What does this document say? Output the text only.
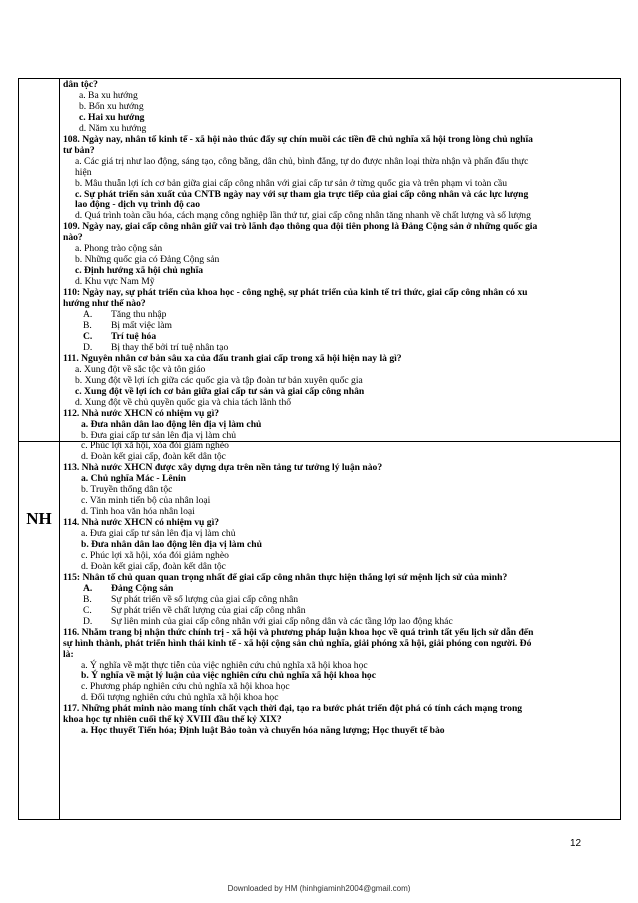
NH
dân tộc?
a. Ba xu hướng
b. Bốn xu hướng
c. Hai xu hướng
d. Năm xu hướng
108. Ngày nay, nhân tố kinh tế - xã hội nào thúc đẩy sự chín muồi các tiền đề chủ nghĩa xã hội trong lòng chủ nghĩa
tư bản?
a. Các giá trị như lao động, sáng tạo, công bằng, dân chủ, bình đẳng, tự do được nhân loại thừa nhận và phấn đấu thực
hiện
b. Mâu thuẫn lợi ích cơ bản giữa giai cấp công nhân với giai cấp tư sản ở từng quốc gia và trên phạm vi toàn cầu
c. Sự phát triển sản xuất của CNTB ngày nay với sự tham gia trực tiếp của giai cấp công nhân và các lực lượng
lao động - dịch vụ trình độ cao
d. Quá trình toàn cầu hóa, cách mạng công nghiệp lần thứ tư, giai cấp công nhân tăng nhanh về chất lượng và số lượng
109. Ngày nay, giai cấp công nhân giữ vai trò lãnh đạo thông qua đội tiên phong là Đảng Cộng sản ở những quốc gia
nào?
a. Phong trào cộng sản
b. Những quốc gia có Đảng Cộng sản
c. Định hướng xã hội chủ nghĩa
d. Khu vực Nam Mỹ
110: Ngày nay, sự phát triển của khoa học - công nghệ, sự phát triển của kinh tế tri thức, giai cấp công nhân có xu
hướng như thế nào?
A. Tăng thu nhập
B. Bị mất việc làm
C. Trí tuệ hóa
D. Bị thay thế bởi trí tuệ nhân tạo
111. Nguyên nhân cơ bản sâu xa của đấu tranh giai cấp trong xã hội hiện nay là gì?
a. Xung đột về sắc tộc và tôn giáo
b. Xung đột về lợi ích giữa các quốc gia và tập đoàn tư bản xuyên quốc gia
c. Xung đột về lợi ích cơ bản giữa giai cấp tư sản và giai cấp công nhân
d. Xung đột về chủ quyền quốc gia và chia tách lãnh thổ
112. Nhà nước XHCN có nhiệm vụ gì?
a. Đưa nhân dân lao động lên địa vị làm chủ
b. Đưa giai cấp tư sản lên địa vị làm chủ
c. Phúc lợi xã hội, xóa đói giảm nghèo
d. Đoàn kết giai cấp, đoàn kết dân tộc
113. Nhà nước XHCN được xây dựng dựa trên nền tảng tư tưởng lý luận nào?
a. Chủ nghĩa Mác - Lênin
b. Truyền thống dân tộc
c. Văn minh tiến bộ của nhân loại
d. Tinh hoa văn hóa nhân loại
114. Nhà nước XHCN có nhiệm vụ gì?
a. Đưa giai cấp tư sản lên địa vị làm chủ
b. Đưa nhân dân lao động lên địa vị làm chủ
c. Phúc lợi xã hội, xóa đói giảm nghèo
d. Đoàn kết giai cấp, đoàn kết dân tộc
115: Nhân tố chủ quan quan trọng nhất để giai cấp công nhân thực hiện thắng lợi sứ mệnh lịch sử của mình?
A. Đảng Cộng sản
B. Sự phát triển về số lượng của giai cấp công nhân
C. Sự phát triển về chất lượng của giai cấp công nhân
D. Sự liên minh của giai cấp công nhân với giai cấp nông dân và các tầng lớp lao động khác
116. Nhằm trang bị nhận thức chính trị - xã hội và phương pháp luận khoa học về quá trình tất yếu lịch sử dẫn đến
sự hình thành, phát triển hình thái kinh tế - xã hội cộng sản chủ nghĩa, giải phóng xã hội, giải phóng con người. Đó
là:
a. Ý nghĩa về mặt thực tiễn của việc nghiên cứu chủ nghĩa xã hội khoa học
b. Ý nghĩa về mặt lý luận của việc nghiên cứu chủ nghĩa xã hội khoa học
c. Phương pháp nghiên cứu chủ nghĩa xã hội khoa học
d. Đối tượng nghiên cứu chủ nghĩa xã hội khoa học
117. Những phát minh nào mang tính chất vạch thời đại, tạo ra bước phát triển đột phá có tính cách mạng trong
khoa học tự nhiên cuối thế kỷ XVIII đầu thế kỷ XIX?
a. Học thuyết Tiến hóa; Định luật Bảo toàn và chuyển hóa năng lượng; Học thuyết tế bào
12
Downloaded by HM (hinhgiaminh2004@gmail.com)
